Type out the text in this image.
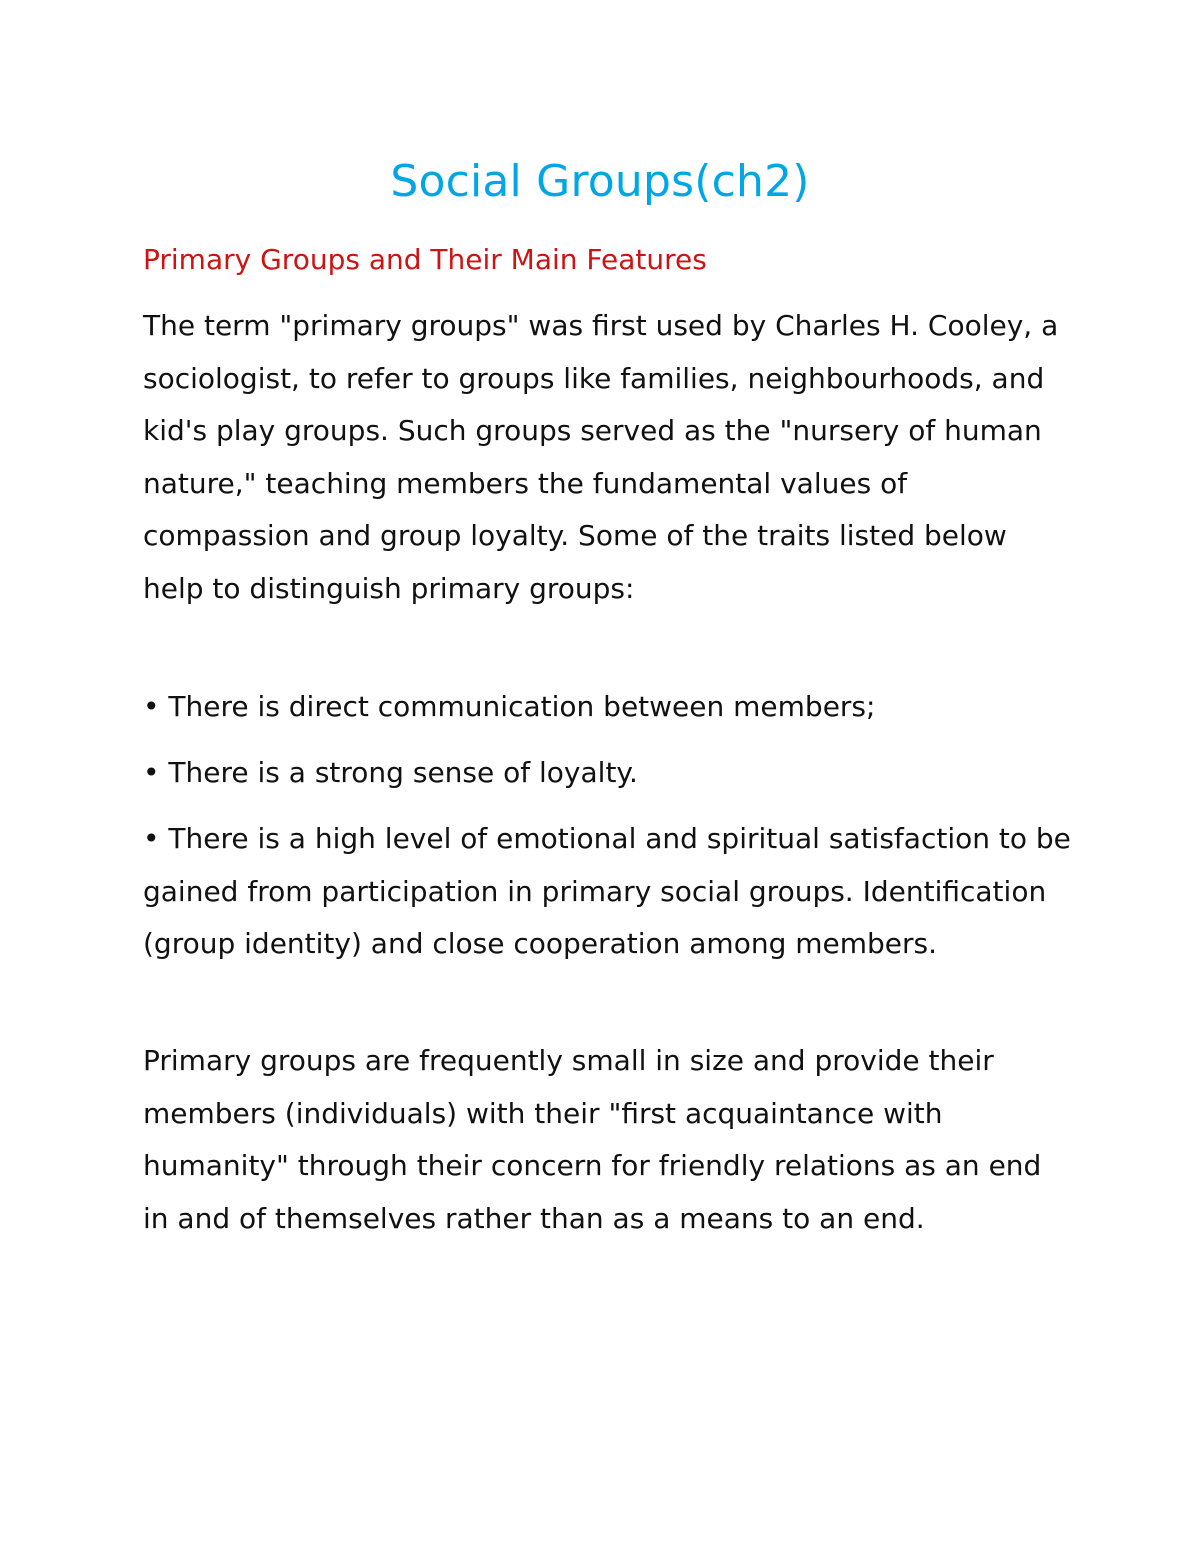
Social Groups(ch2)
Primary Groups and Their Main Features

The term "primary groups" was first used by Charles H. Cooley, a sociologist, to refer to groups like families, neighbourhoods, and kid's play groups. Such groups served as the "nursery of human nature," teaching members the fundamental values of compassion and group loyalty. Some of the traits listed below help to distinguish primary groups:

• There is direct communication between members;

• There is a strong sense of loyalty.

• There is a high level of emotional and spiritual satisfaction to be gained from participation in primary social groups. Identification (group identity) and close cooperation among members.

Primary groups are frequently small in size and provide their members (individuals) with their "first acquaintance with humanity" through their concern for friendly relations as an end in and of themselves rather than as a means to an end.
